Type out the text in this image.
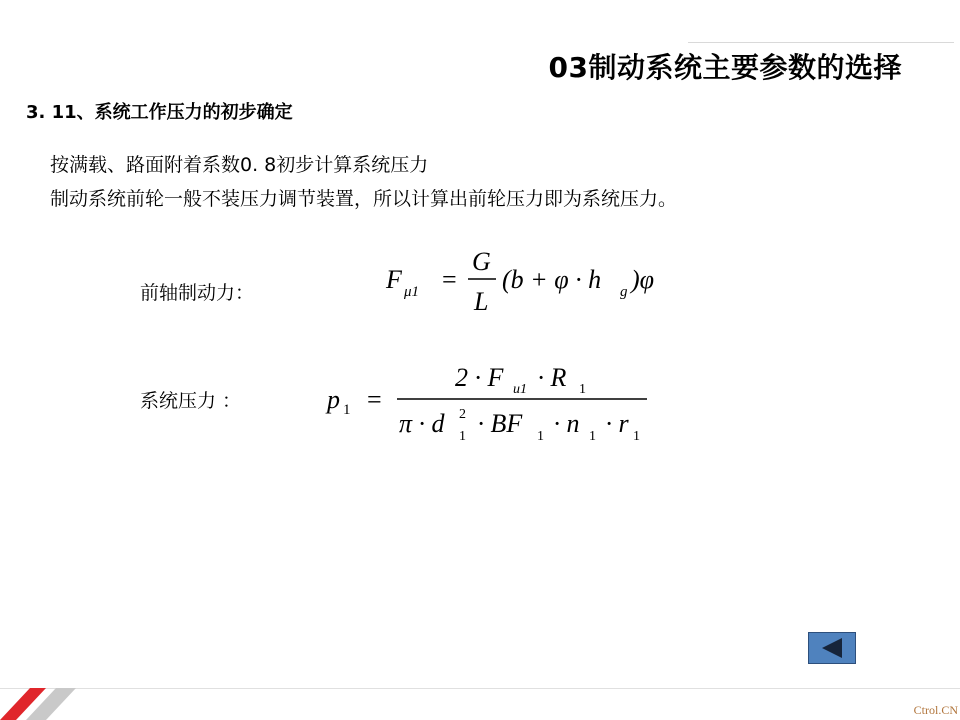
03制动系统主要参数的选择
3. 11、系统工作压力的初步确定
按满载、路面附着系数0. 8初步计算系统压力
制动系统前轮一般不装压力调节装置，所以计算出前轮压力即为系统压力。
前轴制动力：	F μ1 =
G
L
(b + φ · h g )φ
系统压力 ：	p 1 =
2 · F u1 · R 1
π · d 1
2 · BF 1 · n 1 · r 1
Ctrol.CN
